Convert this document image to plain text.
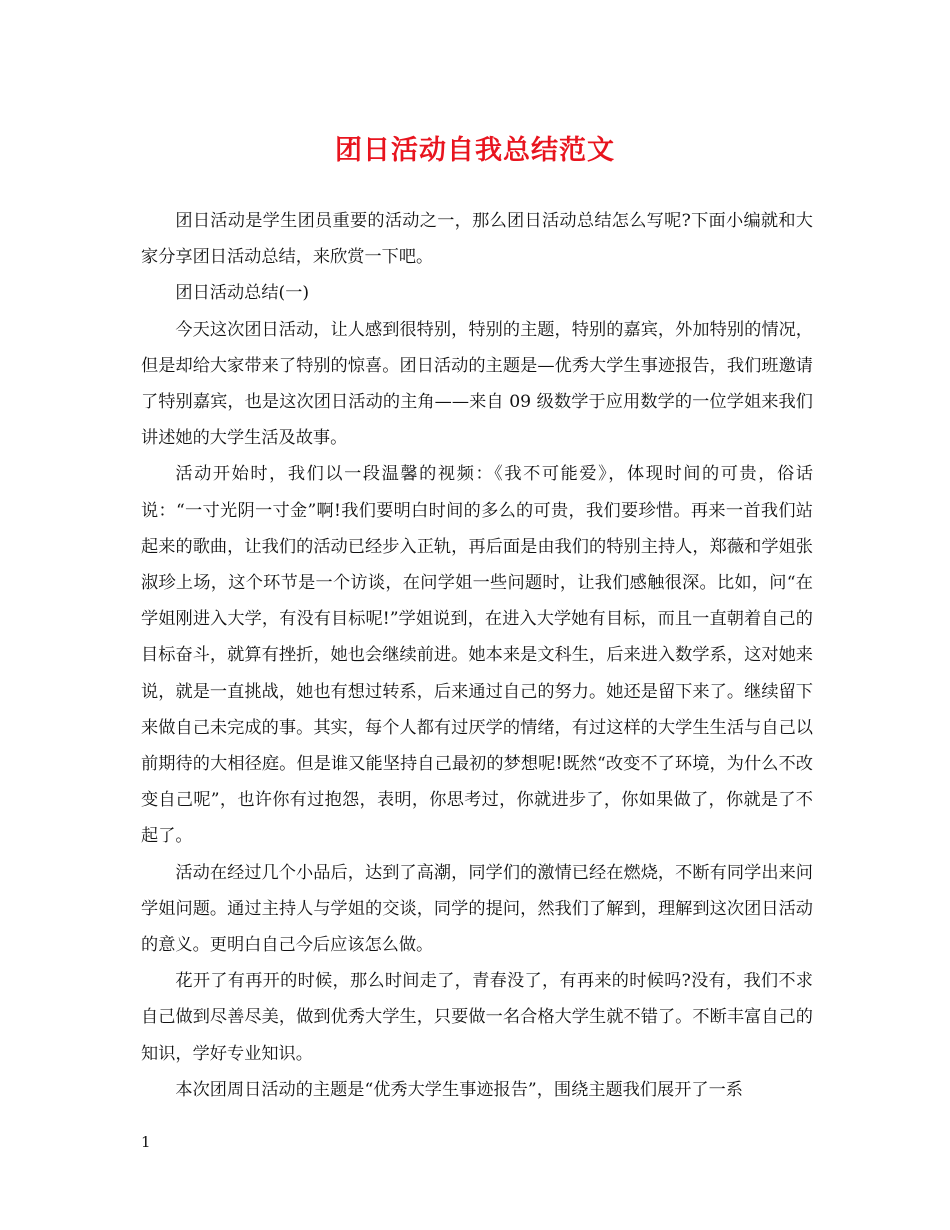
团日活动自我总结范文

团日活动是学生团员重要的活动之一，那么团日活动总结怎么写呢?下面小编就和大家分享团日活动总结，来欣赏一下吧。

团日活动总结(一)

今天这次团日活动，让人感到很特别，特别的主题，特别的嘉宾，外加特别的情况，但是却给大家带来了特别的惊喜。团日活动的主题是—优秀大学生事迹报告，我们班邀请了特别嘉宾，也是这次团日活动的主角——来自 09 级数学于应用数学的一位学姐来我们讲述她的大学生活及故事。

活动开始时，我们以一段温馨的视频：《我不可能爱》，体现时间的可贵，俗话说：“一寸光阴一寸金”啊!我们要明白时间的多么的可贵，我们要珍惜。再来一首我们站起来的歌曲，让我们的活动已经步入正轨，再后面是由我们的特别主持人，郑薇和学姐张淑珍上场，这个环节是一个访谈，在问学姐一些问题时，让我们感触很深。比如，问“在学姐刚进入大学，有没有目标呢!”学姐说到，在进入大学她有目标，而且一直朝着自己的目标奋斗，就算有挫折，她也会继续前进。她本来是文科生，后来进入数学系，这对她来说，就是一直挑战，她也有想过转系，后来通过自己的努力。她还是留下来了。继续留下来做自己未完成的事。其实，每个人都有过厌学的情绪，有过这样的大学生生活与自己以前期待的大相径庭。但是谁又能坚持自己最初的梦想呢!既然“改变不了环境，为什么不改变自己呢”，也许你有过抱怨，表明，你思考过，你就进步了，你如果做了，你就是了不起了。

活动在经过几个小品后，达到了高潮，同学们的激情已经在燃烧，不断有同学出来问学姐问题。通过主持人与学姐的交谈，同学的提问，然我们了解到，理解到这次团日活动的意义。更明白自己今后应该怎么做。

花开了有再开的时候，那么时间走了，青春没了，有再来的时候吗?没有，我们不求自己做到尽善尽美，做到优秀大学生，只要做一名合格大学生就不错了。不断丰富自己的知识，学好专业知识。

本次团周日活动的主题是“优秀大学生事迹报告”，围绕主题我们展开了一系

1
